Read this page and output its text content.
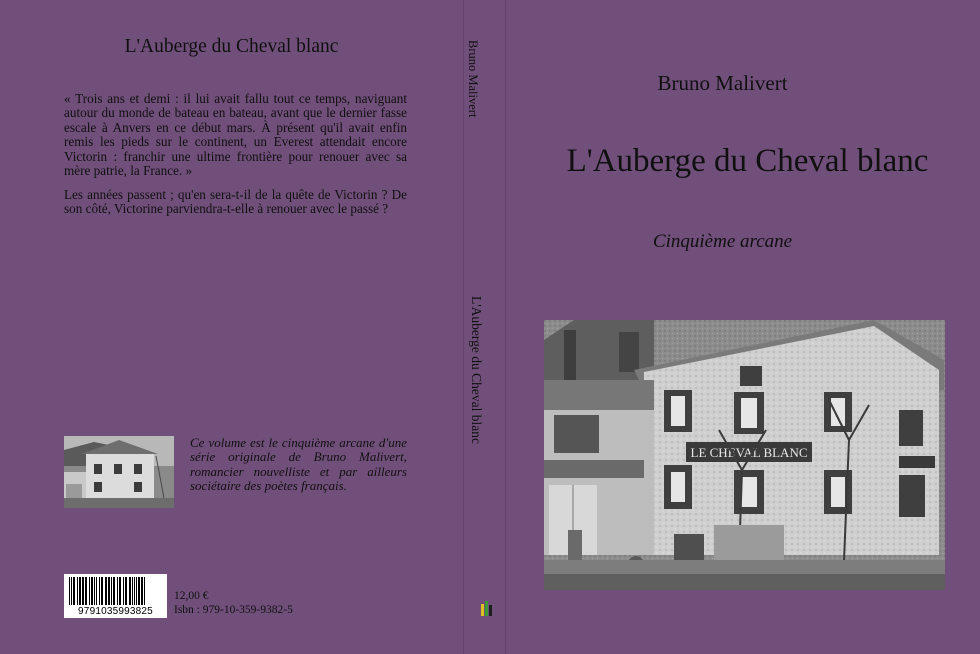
L'Auberge du Cheval blanc

« Trois ans et demi : il lui avait fallu tout ce temps, naviguant autour du monde de bateau en bateau, avant que le dernier fasse escale à Anvers en ce début mars. À présent qu'il avait enfin remis les pieds sur le continent, un Everest attendait encore Victorin : franchir une ultime frontière pour renouer avec sa mère patrie, la France. »

Les années passent ; qu'en sera-t-il de la quête de Victorin ? De son côté, Victorine parviendra-t-elle à renouer avec le passé ?

Ce volume est le cinquième arcane d'une série originale de Bruno Malivert, romancier nouvelliste et par ailleurs sociétaire des poètes français.

9791035993825
12,00 €
Isbn : 979-10-359-9382-5
Bruno Malivert
L'Auberge du Cheval blanc
Bruno Malivert
L'Auberge du Cheval blanc
Cinquième arcane
LE CHEVAL BLANC
